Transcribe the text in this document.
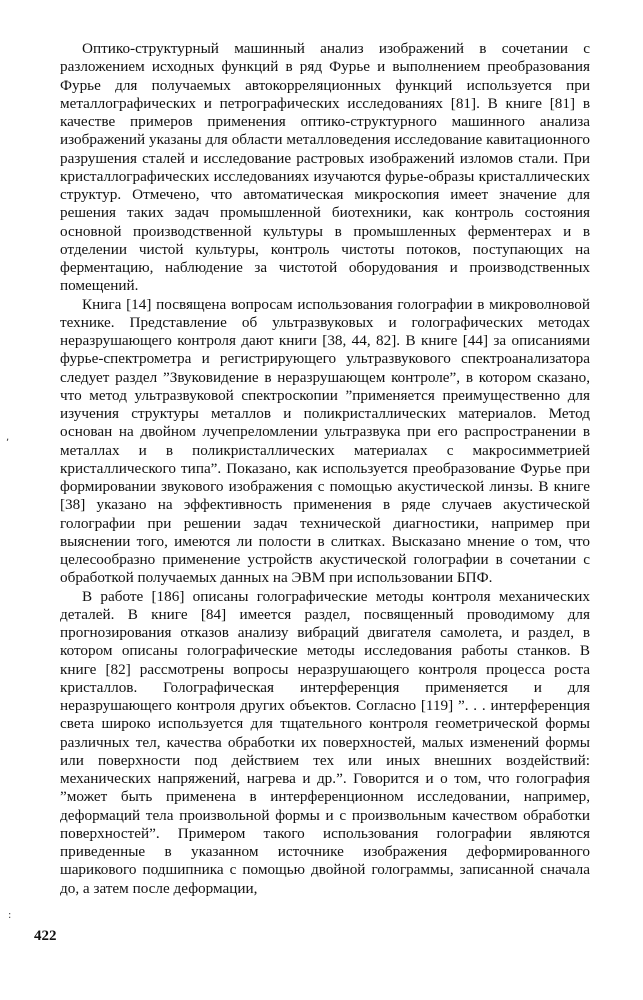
Оптико-структурный машинный анализ изображений в сочетании с разложением исходных функций в ряд Фурье и выполнением преобразования Фурье для получаемых автокорреляционных функций используется при металлографических и петрографических исследованиях [81]. В книге [81] в качестве примеров применения оптико-структурного машинного анализа изображений указаны для области металловедения исследование кавитационного разрушения сталей и исследование растровых изображений изломов стали. При кристаллографических исследованиях изучаются фурье-образы кристаллических структур. Отмечено, что автоматическая микроскопия имеет значение для решения таких задач промышленной биотехники, как контроль состояния основной производственной культуры в промышленных ферментерах и в отделении чистой культуры, контроль чистоты потоков, поступающих на ферментацию, наблюдение за чистотой оборудования и производственных помещений.

Книга [14] посвящена вопросам использования голографии в микроволновой технике. Представление об ультразвуковых и голографических методах неразрушающего контроля дают книги [38, 44, 82]. В книге [44] за описаниями фурье-спектрометра и регистрирующего ультразвукового спектроанализатора следует раздел ”Звуковидение в неразрушающем контроле”, в котором сказано, что метод ультразвуковой спектроскопии ”применяется преимущественно для изучения структуры металлов и поликристаллических материалов. Метод основан на двойном лучепреломлении ультразвука при его распространении в металлах и в поликристаллических материалах с макросимметрией кристаллического типа”. Показано, как используется преобразование Фурье при формировании звукового изображения с помощью акустической линзы. В книге [38] указано на эффективность применения в ряде случаев акустической голографии при решении задач технической диагностики, например при выяснении того, имеются ли полости в слитках. Высказано мнение о том, что целесообразно применение устройств акустической голографии в сочетании с обработкой получаемых данных на ЭВМ при использовании БПФ.

В работе [186] описаны голографические методы контроля механических деталей. В книге [84] имеется раздел, посвященный проводимому для прогнозирования отказов анализу вибраций двигателя самолета, и раздел, в котором описаны голографические методы исследования работы станков. В книге [82] рассмотрены вопросы неразрушающего контроля процесса роста кристаллов. Голографическая интерференция применяется и для неразрушающего контроля других объектов. Согласно [119] ”. . . интерференция света широко используется для тщательного контроля геометрической формы различных тел, качества обработки их поверхностей, малых изменений формы или поверхности под действием тех или иных внешних воздействий: механических напряжений, нагрева и др.”. Говорится и о том, что голография ”может быть применена в интерференционном исследовании, например, деформаций тела произвольной формы и с произвольным качеством обработки поверхностей”. Примером такого использования голографии являются приведенные в указанном источнике изображения деформированного шарикового подшипника с помощью двойной голограммы, записанной сначала до, а затем после деформации,

422
,
:
